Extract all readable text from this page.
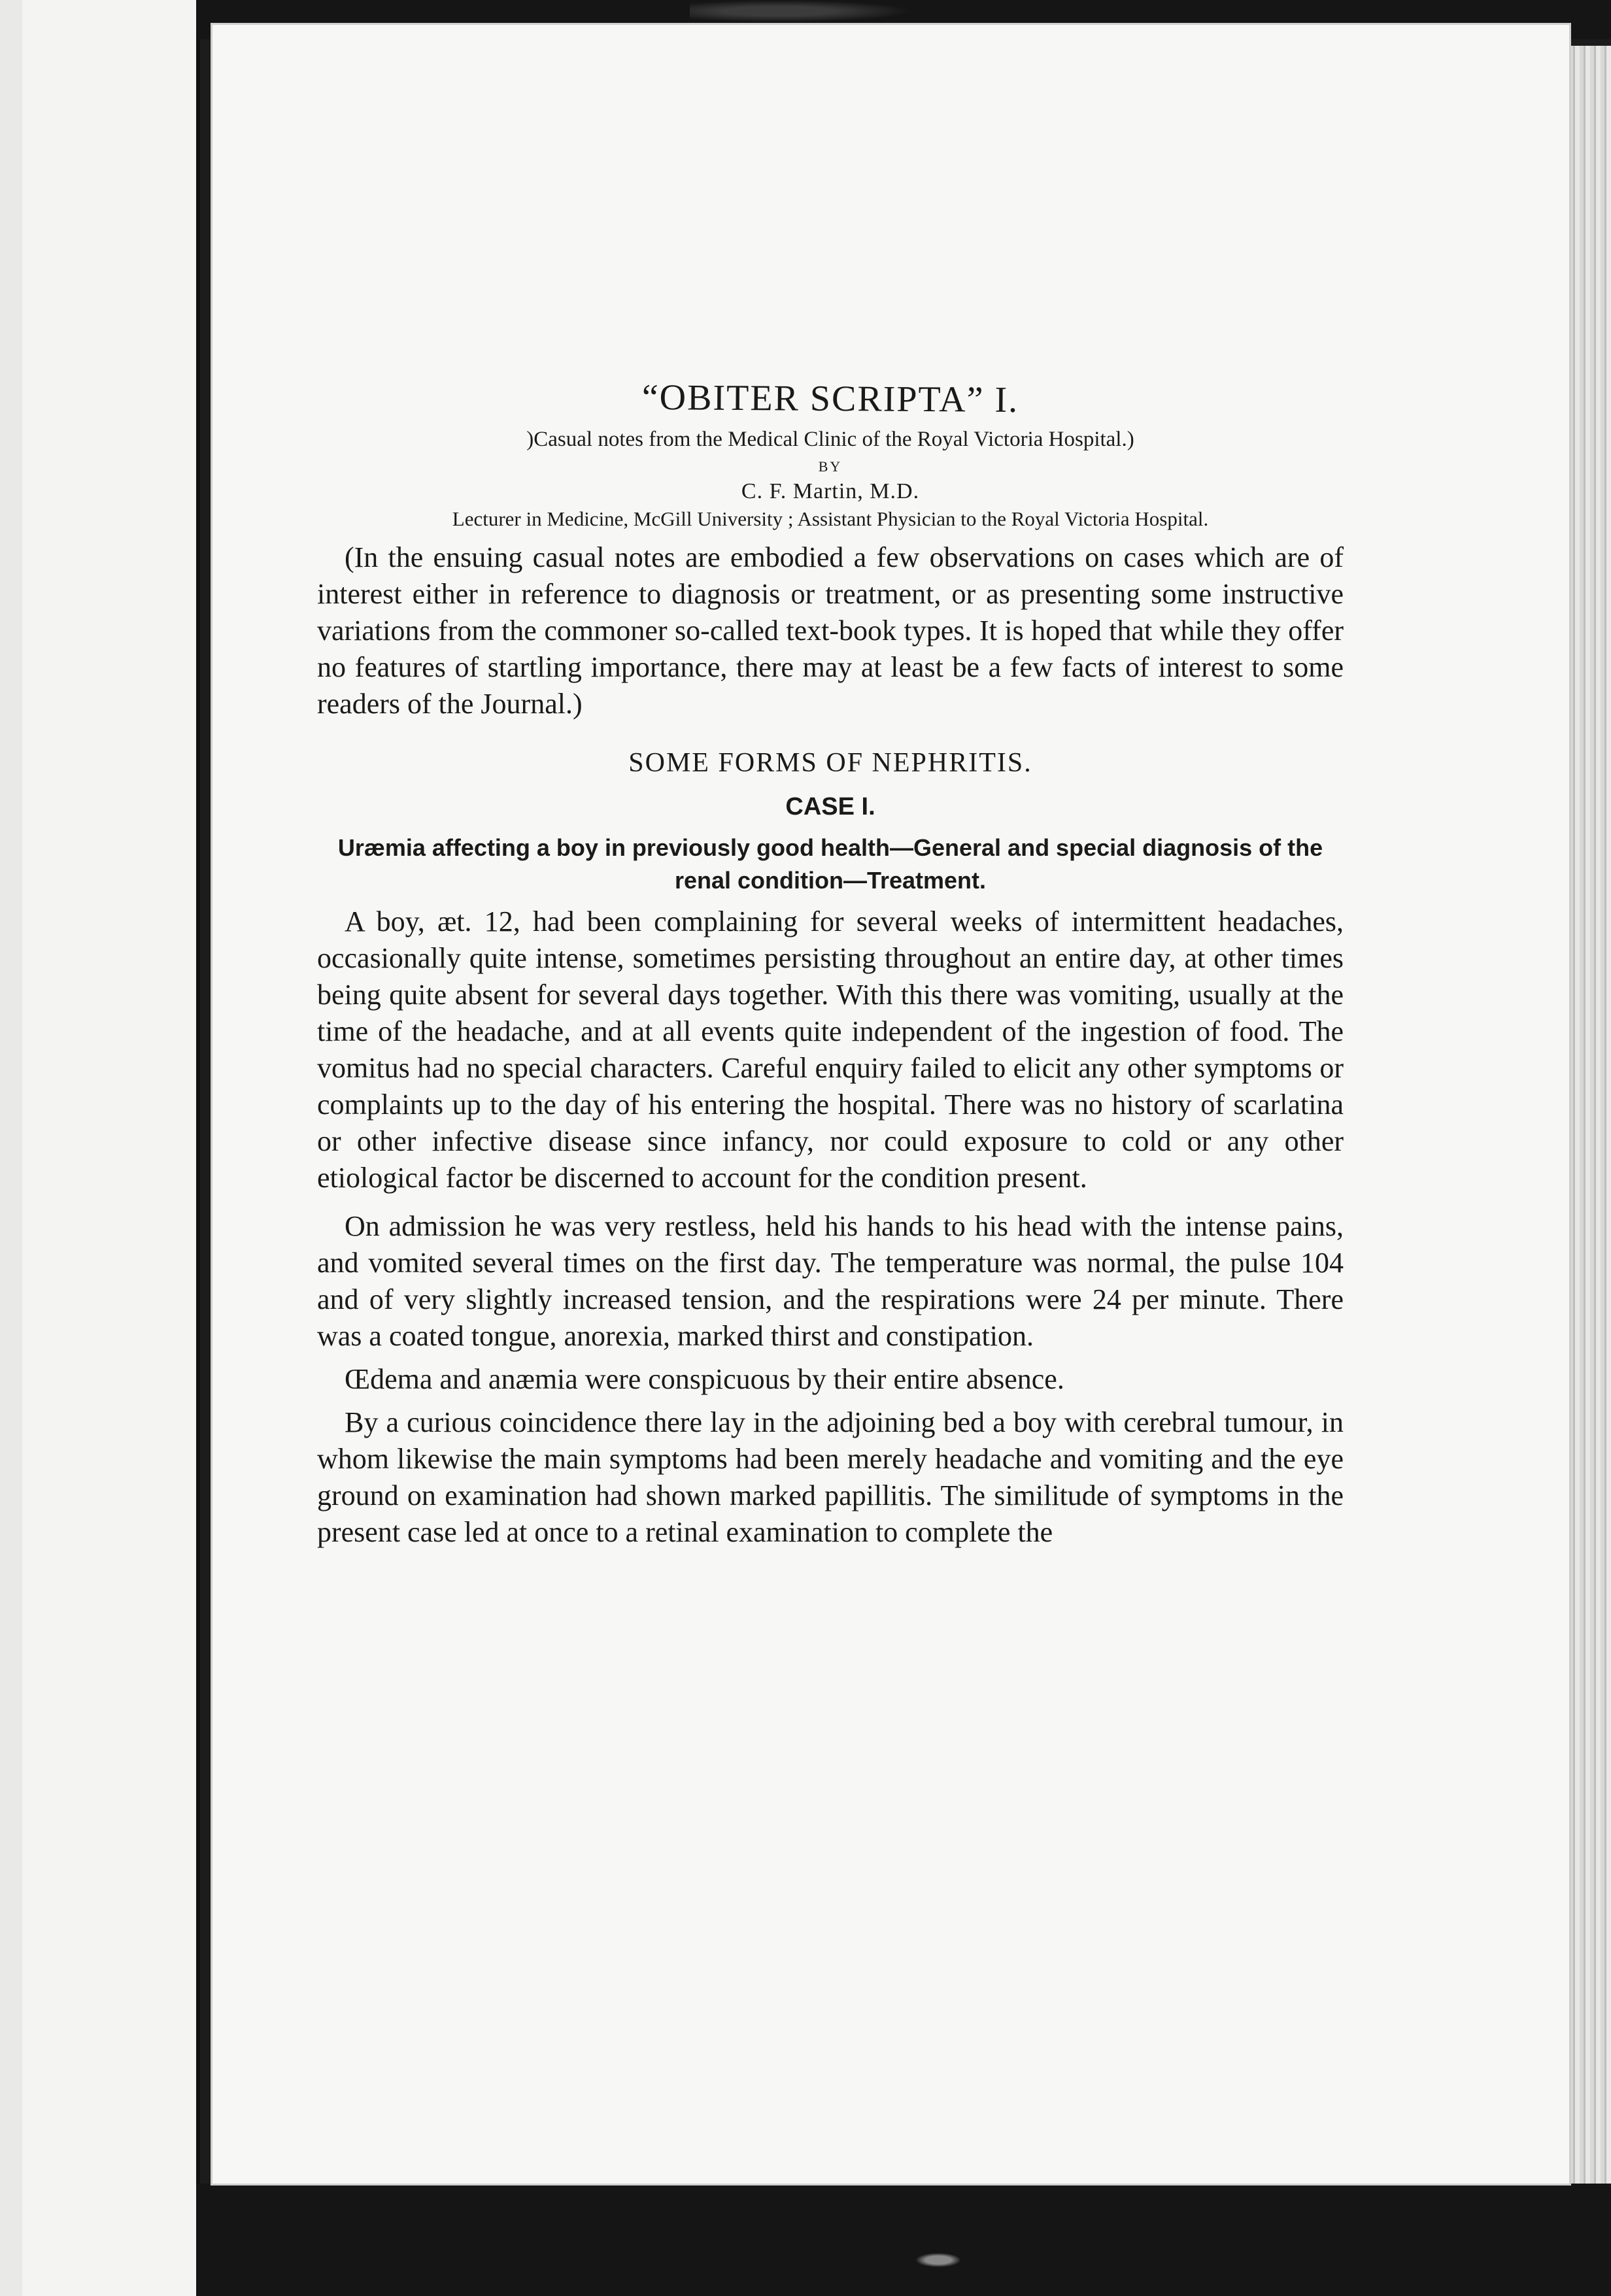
“OBITER SCRIPTA” I.

)Casual notes from the Medical Clinic of the Royal Victoria Hospital.)

BY

C. F. Martin, M.D.

Lecturer in Medicine, McGill University ; Assistant Physician to the Royal Victoria Hospital.

(In the ensuing casual notes are embodied a few observations on cases which are of interest either in reference to diagnosis or treatment, or as presenting some instructive variations from the commoner so-called text-book types. It is hoped that while they offer no features of startling importance, there may at least be a few facts of interest to some readers of the Journal.)

SOME FORMS OF NEPHRITIS.

CASE I.

Uræmia affecting a boy in previously good health—General and special diagnosis of the renal condition—Treatment.

A boy, æt. 12, had been complaining for several weeks of intermittent headaches, occasionally quite intense, sometimes persisting throughout an entire day, at other times being quite absent for several days together. With this there was vomiting, usually at the time of the headache, and at all events quite independent of the ingestion of food. The vomitus had no special characters. Careful enquiry failed to elicit any other symptoms or complaints up to the day of his entering the hospital. There was no history of scarlatina or other infective disease since infancy, nor could exposure to cold or any other etiological factor be discerned to account for the condition present.

On admission he was very restless, held his hands to his head with the intense pains, and vomited several times on the first day. The temperature was normal, the pulse 104 and of very slightly increased tension, and the respirations were 24 per minute. There was a coated tongue, anorexia, marked thirst and constipation.

Œdema and anæmia were conspicuous by their entire absence.

By a curious coincidence there lay in the adjoining bed a boy with cerebral tumour, in whom likewise the main symptoms had been merely headache and vomiting and the eye ground on examination had shown marked papillitis. The similitude of symptoms in the present case led at once to a retinal examination to complete the
